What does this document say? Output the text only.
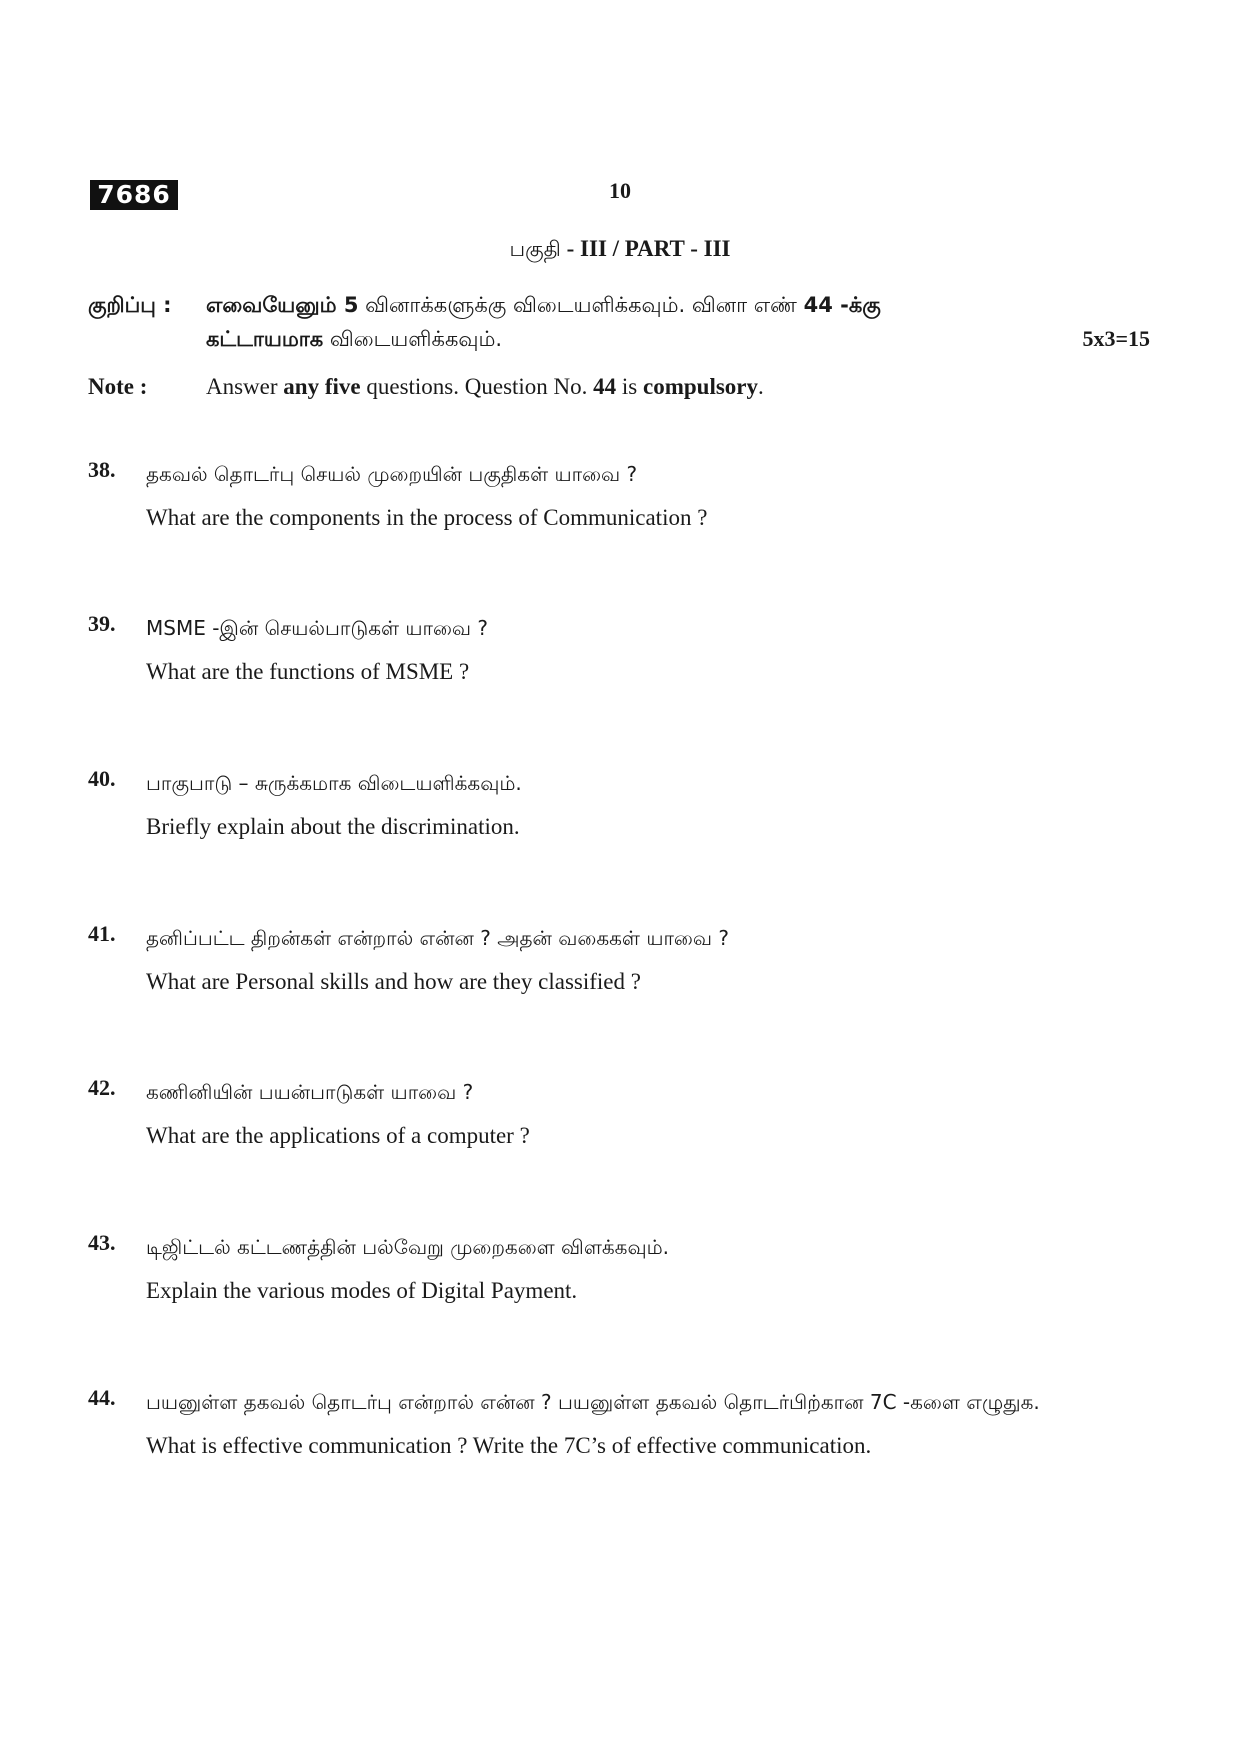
7686	10
பகுதி - III / PART - III
குறிப்பு : எவையேனும் 5 வினாக்களுக்கு விடையளிக்கவும். வினா எண் 44 -க்கு
கட்டாயமாக விடையளிக்கவும்.	5x3=15
Note :	Answer any five questions. Question No. 44 is compulsory.
38. தகவல் தொடர்பு செயல் முறையின் பகுதிகள் யாவை ?
What are the components in the process of Communication ?
39. MSME -இன் செயல்பாடுகள் யாவை ?
What are the functions of MSME ?
40. பாகுபாடு – சுருக்கமாக விடையளிக்கவும்.
Briefly explain about the discrimination.
41. தனிப்பட்ட திறன்கள் என்றால் என்ன ? அதன் வகைகள் யாவை ?
What are Personal skills and how are they classified ?
42. கணினியின் பயன்பாடுகள் யாவை ?
What are the applications of a computer ?
43. டிஜிட்டல் கட்டணத்தின் பல்வேறு முறைகளை விளக்கவும்.
Explain the various modes of Digital Payment.
44. பயனுள்ள தகவல் தொடர்பு என்றால் என்ன ? பயனுள்ள தகவல் தொடர்பிற்கான 7C -களை எழுதுக.
What is effective communication ? Write the 7C’s of effective communication.
